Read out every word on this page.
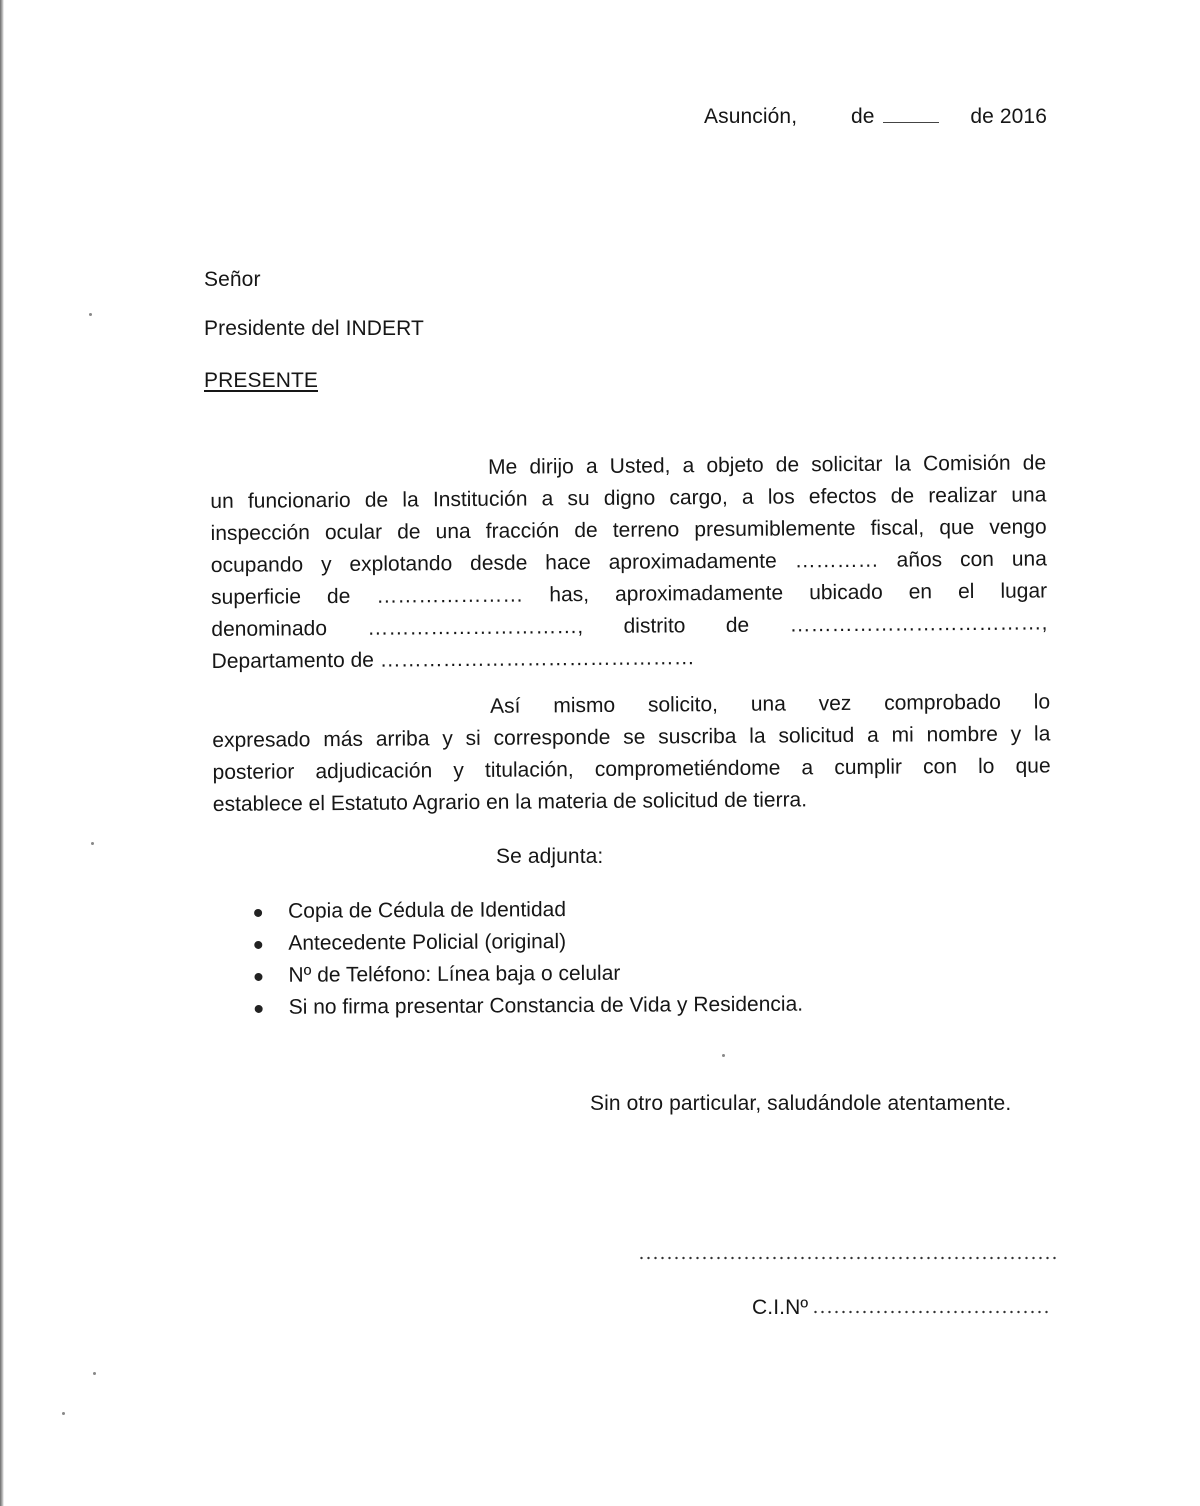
Asunción,	de	de 2016
Señor
Presidente del INDERT
PRESENTE
Me dirijo a Usted, a objeto de solicitar la Comisión de
un funcionario de la Institución a su digno cargo, a los efectos de realizar una
inspección ocular de una fracción de terreno presumiblemente fiscal, que vengo
ocupando y explotando desde hace aproximadamente ………… años con una
superficie de ………………… has, aproximadamente ubicado en el lugar
denominado …………………………, distrito de ………………………………,
Departamento de ………………………………………
Así mismo solicito, una vez comprobado lo
expresado más arriba y si corresponde se suscriba la solicitud a mi nombre y la
posterior adjudicación y titulación, comprometiéndome a cumplir con lo que
establece el Estatuto Agrario en la materia de solicitud de tierra.
Se adjunta:
Copia de Cédula de Identidad
Antecedente Policial (original)
Nº de Teléfono: Línea baja o celular
Si no firma presentar Constancia de Vida y Residencia.
Sin otro particular, saludándole atentamente.
C.I.Nº
